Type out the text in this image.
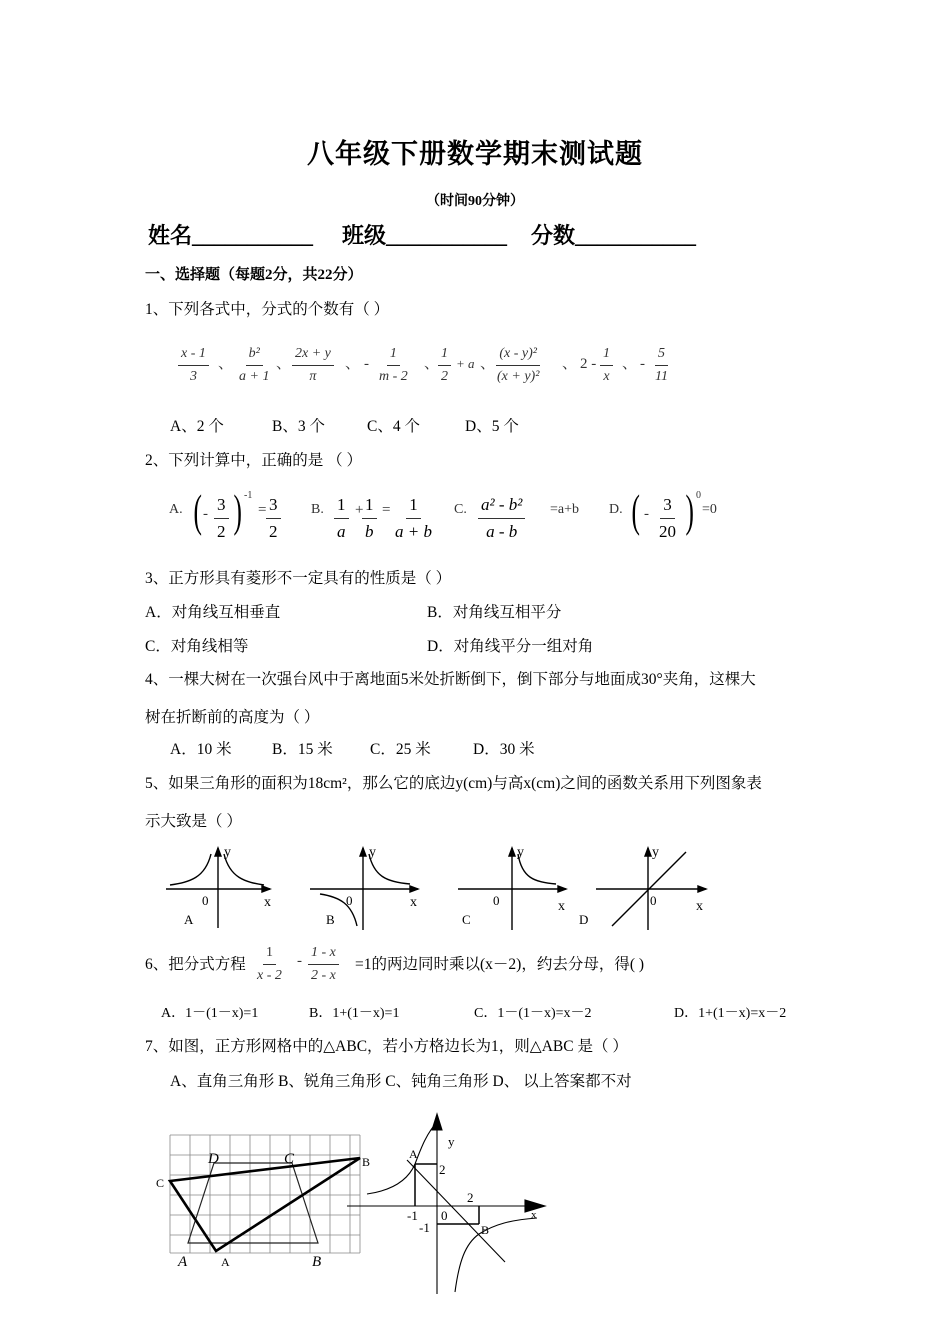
八年级下册数学期末测试题
（时间90分钟）
姓名___________ 班级___________ 分数___________
一、选择题（每题2分，共22分）
1、下列各式中，分式的个数有（ ）
$\frac{x - 1}{3}$ 、 $\frac{\text{b²}}{a + 1}$ 、 $\frac{2x + y}{\pi}$ 、 - $\frac{1}{m - 2}$ 、
$\frac{1}{2} + a$ 、
$\frac{\text{(x - y)²}}{\text{(x + y)²}}$ 、 $2 - \frac{1}{x}$ 、 - $\frac{5}{11}$
A、2 个	B、3 个	C、4 个	D、5 个
2、下列计算中，正确的是 （ ）
A. ( - $\frac{3}{2}$ ) -1
= $\frac{3}{2} B$. $\frac{1}{a}$ +
$\frac{1}{b} = \frac{1}{a + b} C$. $\frac{\text{a² - b²}}{a - b} =a+b$ D. ( - $\frac{3}{20}$ ) 0
=0
3、正方形具有菱形不一定具有的性质是（ ）
A．对角线互相垂直	B．对角线互相平分
C．对角线相等	D．对角线平分一组对角
4、一棵大树在一次强台风中于离地面5米处折断倒下，倒下部分与地面成30°夹角，这棵大
树在折断前的高度为（ ）
A．10 米	B．15 米 C．25 米	D．30 米
5、如果三角形的面积为18cm²，那么它的底边y(cm)与高x(cm)之间的函数关系用下列图象表
示大致是（ ）
y
x
0
A
y
x
0
B
y
x
0
C
y
x
0
D
6、把分式方程 $\frac{1}{x - 2} - \frac{1 - x}{2 - x} =1$的两边同时乘以(x－2)，约去分母，得( )
A．1－(1－x)=1	B．1+(1－x)=1	C．1－(1－x)=x－2	D．1+(1－x)=x－2
7、如图，正方形网格中的△ABC，若小方格边长为1，则△ABC 是（ ）
A、直角三角形 B、锐角三角形 C、钝角三角形 D、 以上答案都不对
C
D	C	B
A	A	B
y
x
A
B
2
2
-1
-1
0
